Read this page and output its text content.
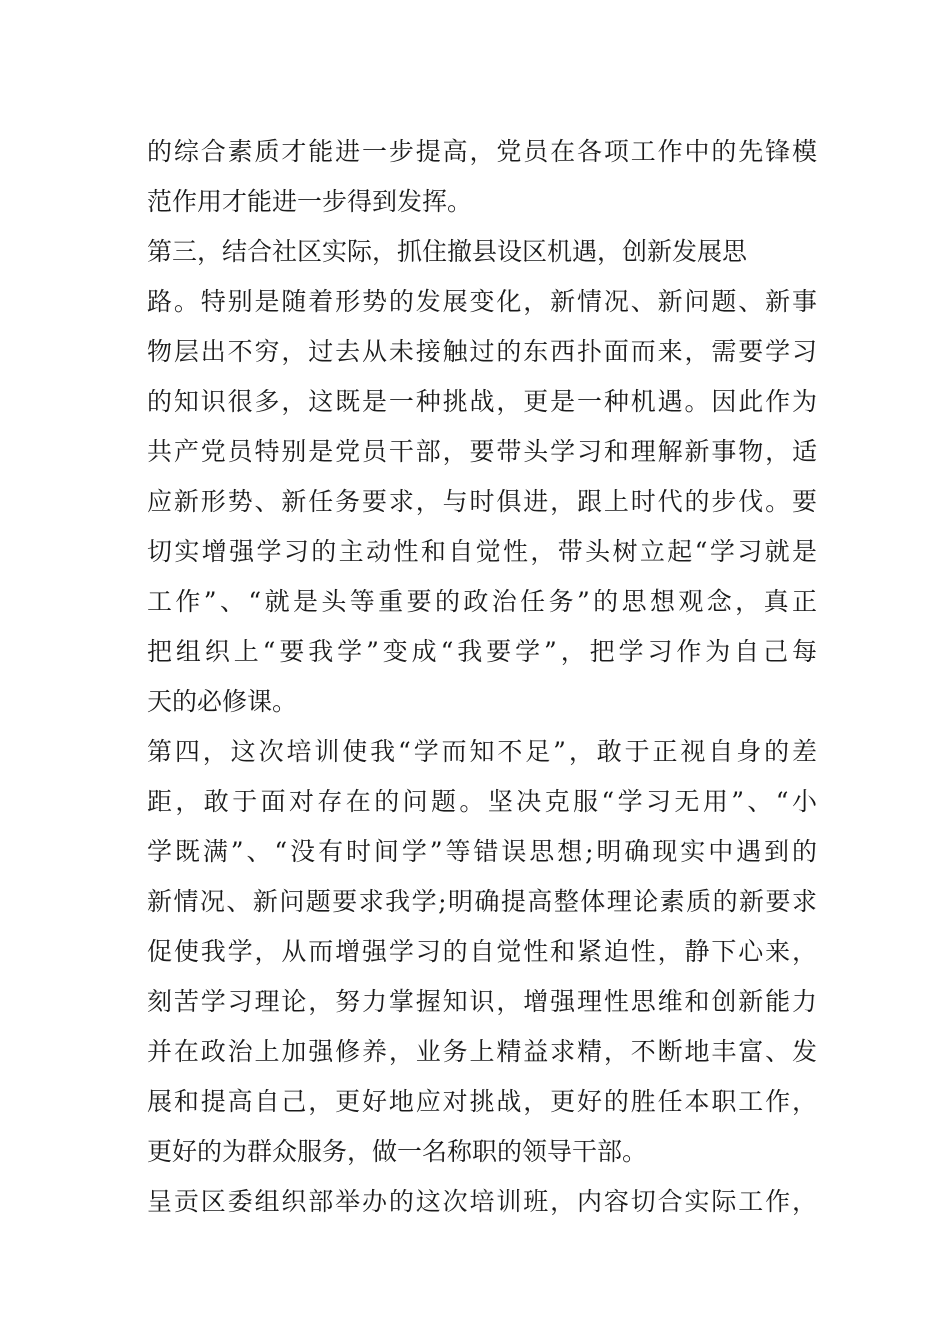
的综合素质才能进一步提高，党员在各项工作中的先锋模
范作用才能进一步得到发挥。
第三，结合社区实际，抓住撤县设区机遇，创新发展思
路。特别是随着形势的发展变化，新情况、新问题、新事
物层出不穷，过去从未接触过的东西扑面而来，需要学习
的知识很多，这既是一种挑战，更是一种机遇。因此作为
共产党员特别是党员干部，要带头学习和理解新事物，适
应新形势、新任务要求，与时俱进，跟上时代的步伐。要
切实增强学习的主动性和自觉性，带头树立起“学习就是
工作”、“就是头等重要的政治任务”的思想观念，真正
把组织上“要我学”变成“我要学”，把学习作为自己每
天的必修课。
第四，这次培训使我“学而知不足”，敢于正视自身的差
距，敢于面对存在的问题。坚决克服“学习无用”、“小
学既满”、“没有时间学”等错误思想;明确现实中遇到的
新情况、新问题要求我学;明确提高整体理论素质的新要求
促使我学，从而增强学习的自觉性和紧迫性，静下心来，
刻苦学习理论，努力掌握知识，增强理性思维和创新能力
并在政治上加强修养，业务上精益求精，不断地丰富、发
展和提高自己，更好地应对挑战，更好的胜任本职工作，
更好的为群众服务，做一名称职的领导干部。
呈贡区委组织部举办的这次培训班，内容切合实际工作，
